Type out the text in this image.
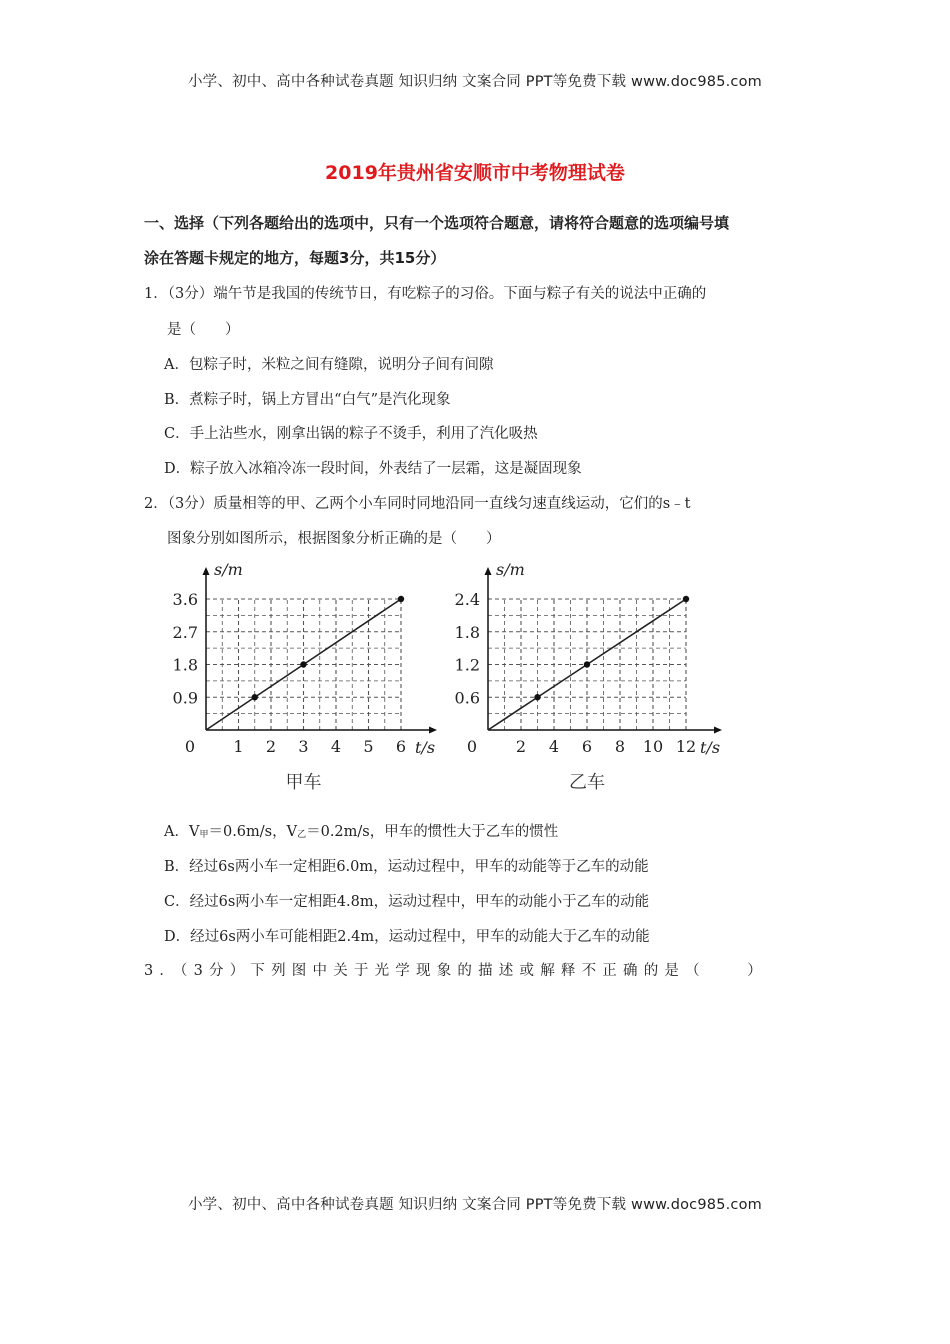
小学、初中、高中各种试卷真题 知识归纳 文案合同 PPT等免费下载 www.doc985.com
2019年贵州省安顺市中考物理试卷
一、选择（下列各题给出的选项中，只有一个选项符合题意，请将符合题意的选项编号填
涂在答题卡规定的地方，每题3分，共15分）
1．（3分）端午节是我国的传统节日，有吃粽子的习俗。下面与粽子有关的说法中正确的
是（　　）
A．包粽子时，米粒之间有缝隙，说明分子间有间隙
B．煮粽子时，锅上方冒出“白气”是汽化现象
C．手上沾些水，刚拿出锅的粽子不烫手，利用了汽化吸热
D．粽子放入冰箱冷冻一段时间，外表结了一层霜，这是凝固现象
2．（3分）质量相等的甲、乙两个小车同时同地沿同一直线匀速直线运动，它们的s﹣t
图象分别如图所示，根据图象分析正确的是（　　）
s/m
t/s
0 1 2 3 4 5 6
0.9
1.8
2.7
3.6
甲车
s/m
t/s
0 2 4 6 8 10 12
0.6
1.2
1.8
2.4
乙车
A．$V_甲=0.6m/s$，$V_乙=0.2m/s$，甲车的惯性大于乙车的惯性
B．经过6s两小车一定相距6.0m，运动过程中，甲车的动能等于乙车的动能
C．经过6s两小车一定相距4.8m，运动过程中，甲车的动能小于乙车的动能
D．经过6s两小车可能相距2.4m，运动过程中，甲车的动能大于乙车的动能
3．（3分）下列图中关于光学现象的描述或解释不正确的是（　　）
小学、初中、高中各种试卷真题 知识归纳 文案合同 PPT等免费下载 www.doc985.com
